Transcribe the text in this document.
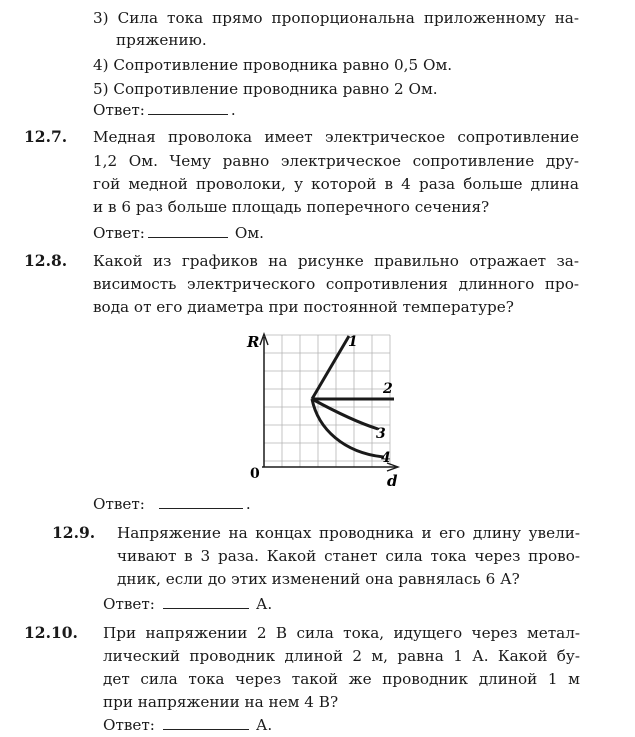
3) Сила тока прямо пропорциональна приложенному на-
пряжению.
4) Сопротивление проводника равно 0,5 Ом.
5) Сопротивление проводника равно 2 Ом.
Ответ:	.
12.7. Медная проволока имеет электрическое сопротивление
1,2 Ом. Чему равно электрическое сопротивление дру-
гой медной проволоки, у которой в 4 раза больше длина
и в 6 раз больше площадь поперечного сечения?
Ответ:	Ом.
12.8. Какой из графиков на рисунке правильно отражает за-
висимость электрического сопротивления длинного про-
вода от его диаметра при постоянной температуре?
R
d
0
1
2
3
4
Ответ:	.
12.9. Напряжение на концах проводника и его длину увели-
чивают в 3 раза. Какой станет сила тока через прово-
дник, если до этих изменений она равнялась 6 А?
Ответ:	А.
12.10. При напряжении 2 В сила тока, идущего через метал-
лический проводник длиной 2 м, равна 1 А. Какой бу-
дет сила тока через такой же проводник длиной 1 м
при напряжении на нем 4 В?
Ответ:	А.
